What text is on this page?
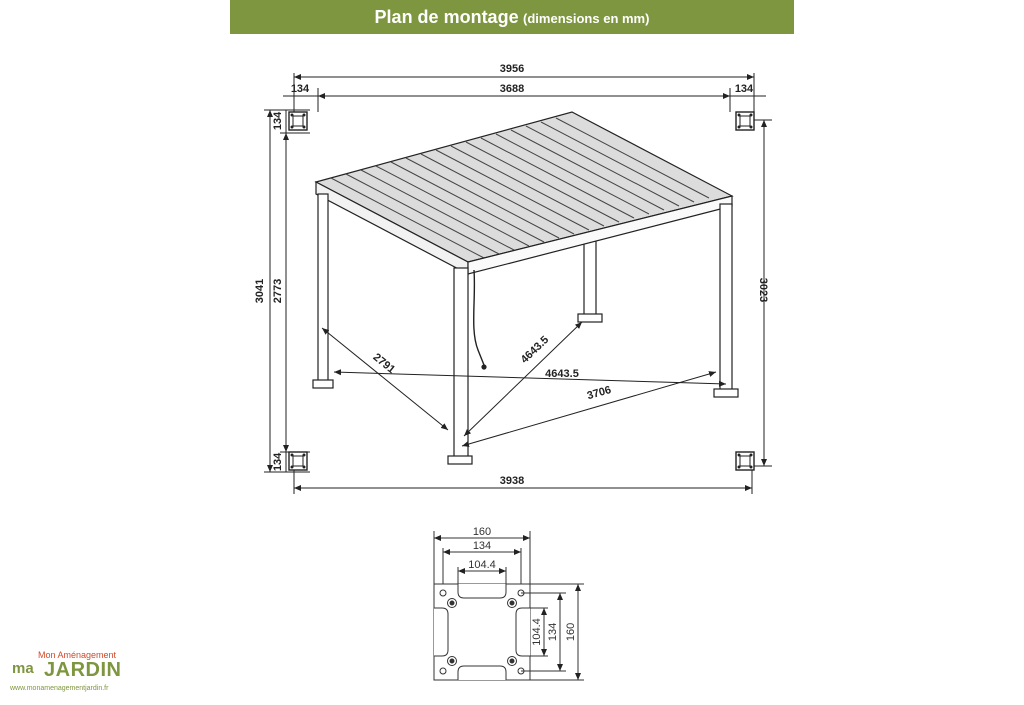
Plan de montage (dimensions en mm)
3956
3688
134	134
3041 2773
134
134
3023
3938
2791	4643.5
4643.5
3706
160
134
104.4
160
134
104.4
ma
Mon Aménagement
JARDIN
www.monamenagementjardin.fr
